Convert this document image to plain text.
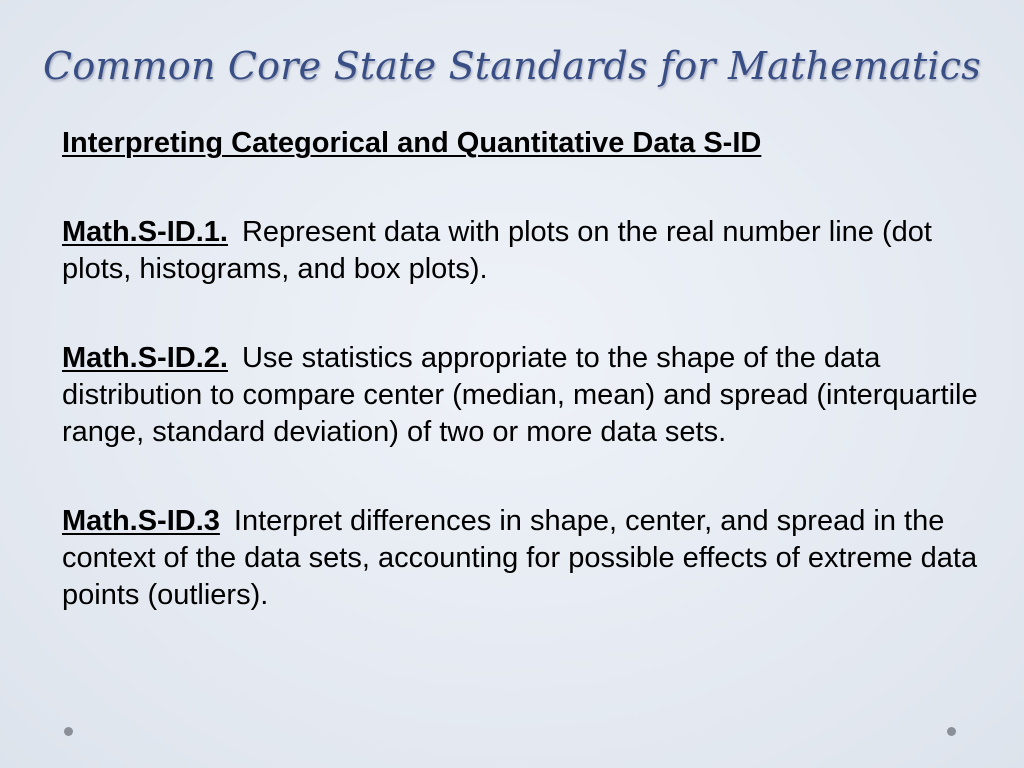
Common Core State Standards for Mathematics

Interpreting Categorical and Quantitative Data S-ID

Math.S-ID.1. Represent data with plots on the real number line (dot plots, histograms, and box plots).

Math.S-ID.2. Use statistics appropriate to the shape of the data distribution to compare center (median, mean) and spread (interquartile range, standard deviation) of two or more data sets.

Math.S-ID.3 Interpret differences in shape, center, and spread in the context of the data sets, accounting for possible effects of extreme data points (outliers).
